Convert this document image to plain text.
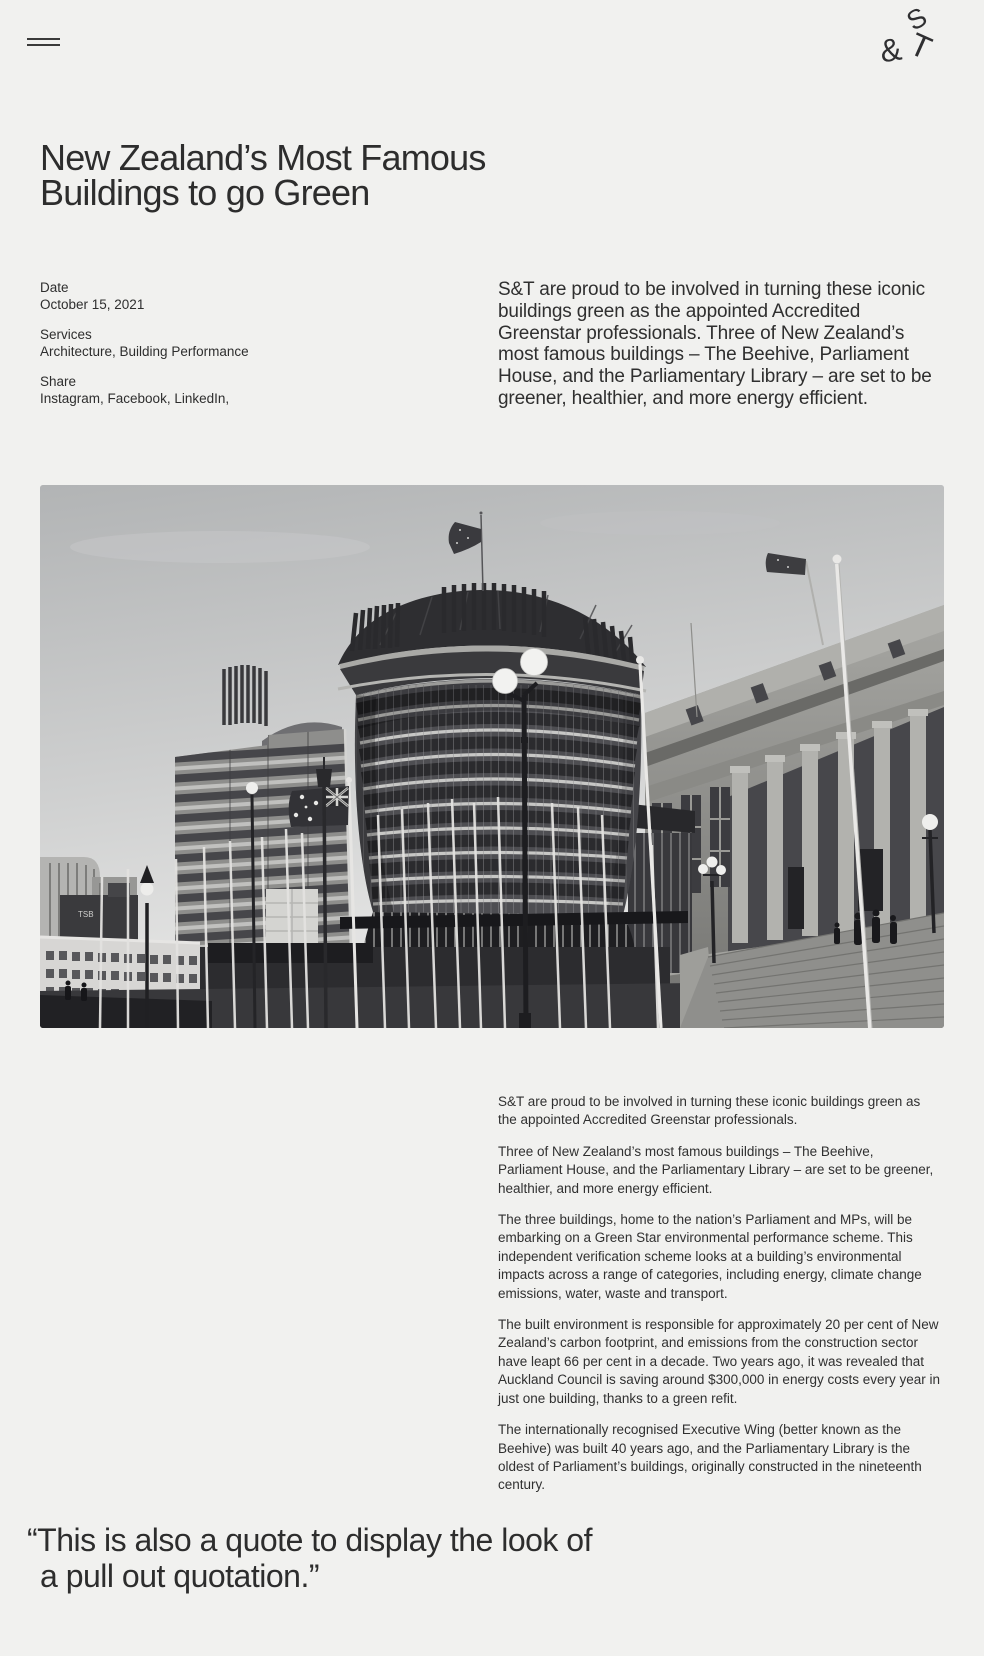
S
& T
New Zealand’s Most Famous
Buildings to go Green
Date
October 15, 2021
Services
Architecture, Building Performance
Share
Instagram, Facebook, LinkedIn,
S&T are proud to be involved in turning these iconic buildings green as the appointed Accredited Greenstar professionals. Three of New Zealand’s most famous buildings – The Beehive, Parliament House, and the Parliamentary Library – are set to be greener, healthier, and more energy efficient.
TSB

S&T are proud to be involved in turning these iconic buildings green as the appointed Accredited Greenstar professionals.

Three of New Zealand’s most famous buildings – The Beehive, Parliament House, and the Parliamentary Library – are set to be greener, healthier, and more energy efficient.

The three buildings, home to the nation’s Parliament and MPs, will be embarking on a Green Star environmental performance scheme. This independent verification scheme looks at a building’s environmental impacts across a range of categories, including energy, climate change emissions, water, waste and transport.

The built environment is responsible for approximately 20 per cent of New Zealand’s carbon footprint, and emissions from the construction sector have leapt 66 per cent in a decade. Two years ago, it was revealed that Auckland Council is saving around $300,000 in energy costs every year in just one building, thanks to a green refit.

The internationally recognised Executive Wing (better known as the Beehive) was built 40 years ago, and the Parliamentary Library is the oldest of Parliament’s buildings, originally constructed in the nineteenth century.

“This is also a quote to display the look of
a pull out quotation.”
